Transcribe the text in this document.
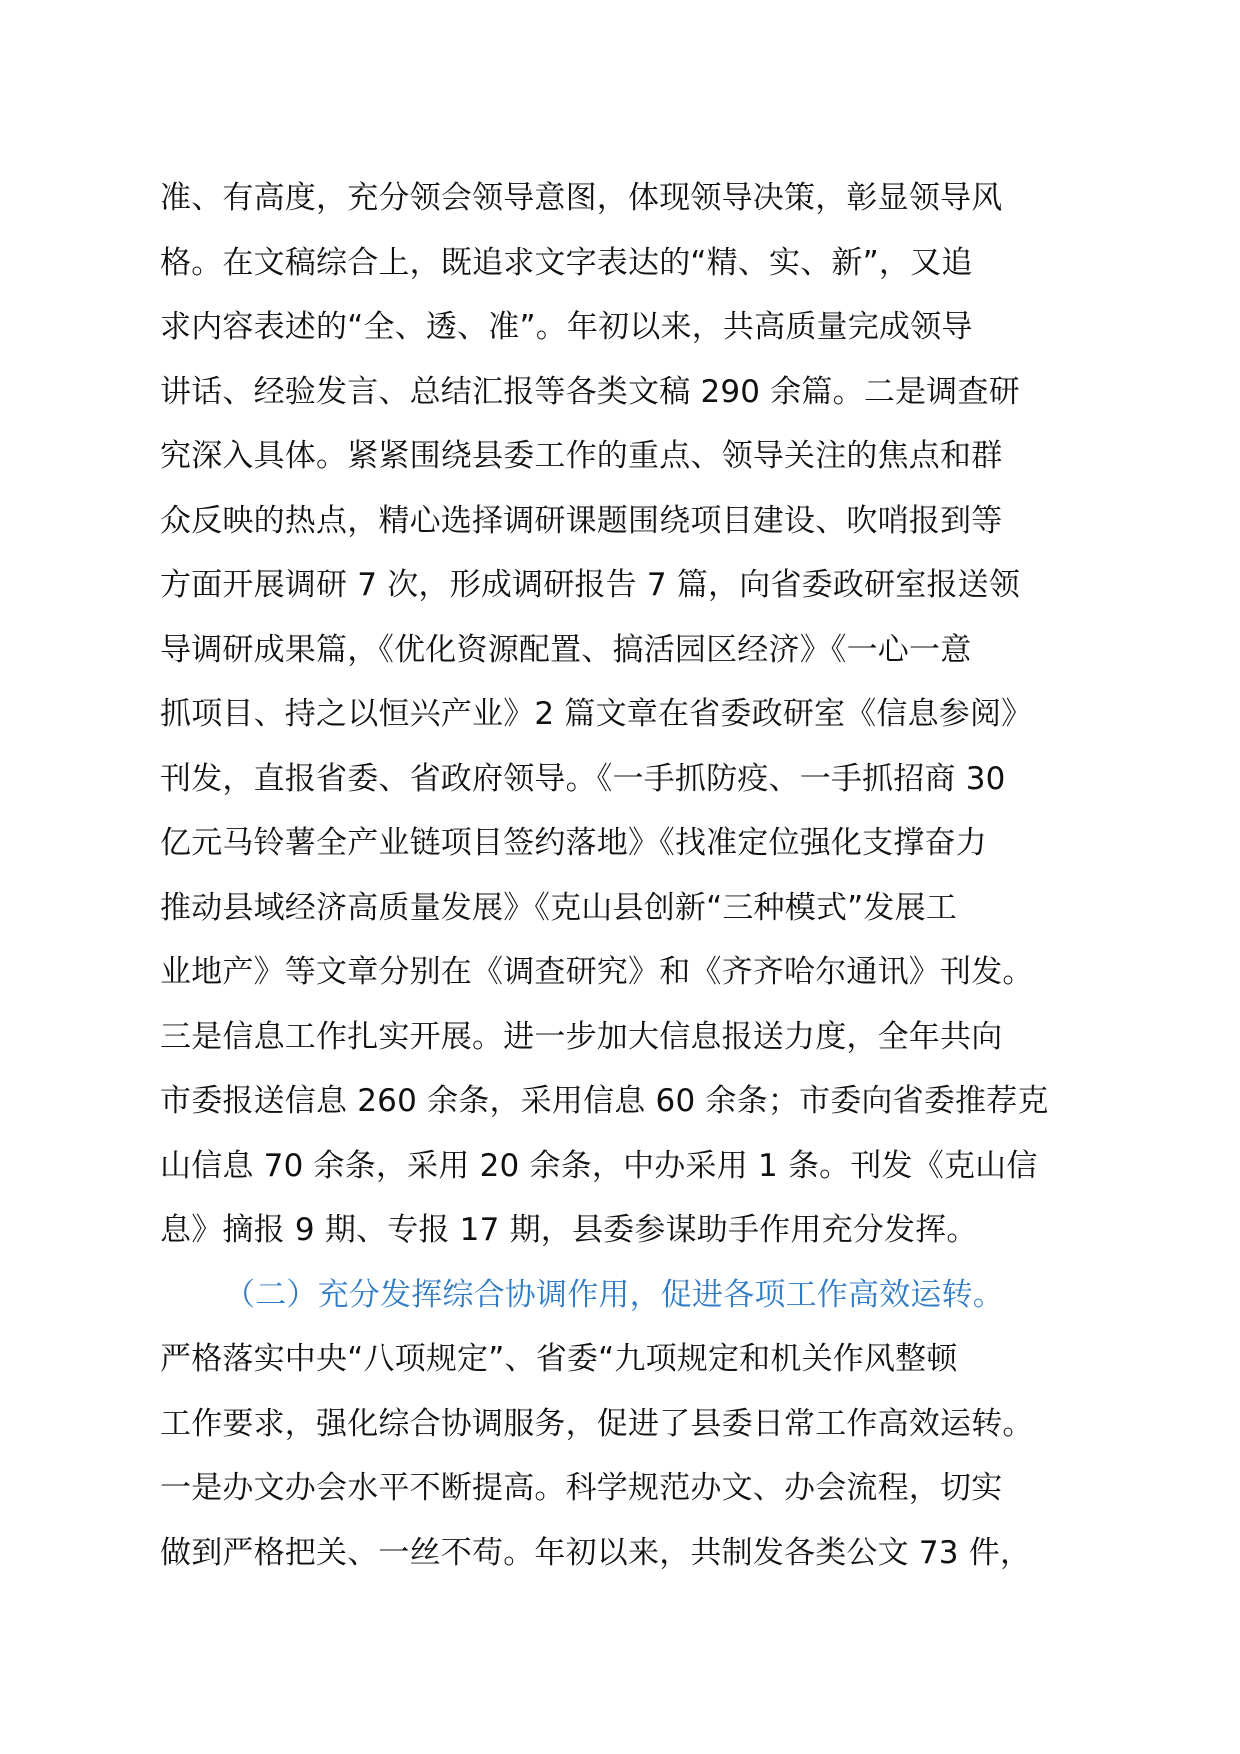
准、有高度，充分领会领导意图，体现领导决策，彰显领导风
格。在文稿综合上，既追求文字表达的“精、实、新”，又追
求内容表述的“全、透、准”。年初以来，共高质量完成领导
讲话、经验发言、总结汇报等各类文稿 290 余篇。二是调查研
究深入具体。紧紧围绕县委工作的重点、领导关注的焦点和群
众反映的热点，精心选择调研课题围绕项目建设、吹哨报到等
方面开展调研 7 次，形成调研报告 7 篇，向省委政研室报送领
导调研成果篇，《优化资源配置、搞活园区经济》《一心一意
抓项目、持之以恒兴产业》2 篇文章在省委政研室《信息参阅》
刊发，直报省委、省政府领导。《一手抓防疫、一手抓招商 30
亿元马铃薯全产业链项目签约落地》《找准定位强化支撑奋力
推动县域经济高质量发展》《克山县创新“三种模式”发展工
业地产》等文章分别在《调查研究》和《齐齐哈尔通讯》刊发。
三是信息工作扎实开展。进一步加大信息报送力度，全年共向
市委报送信息 260 余条，采用信息 60 余条；市委向省委推荐克
山信息 70 余条，采用 20 余条，中办采用 1 条。刊发《克山信
息》摘报 9 期、专报 17 期，县委参谋助手作用充分发挥。
（二）充分发挥综合协调作用，促进各项工作高效运转。
严格落实中央“八项规定”、省委“九项规定和机关作风整顿
工作要求，强化综合协调服务，促进了县委日常工作高效运转。
一是办文办会水平不断提高。科学规范办文、办会流程，切实
做到严格把关、一丝不苟。年初以来，共制发各类公文 73 件，
